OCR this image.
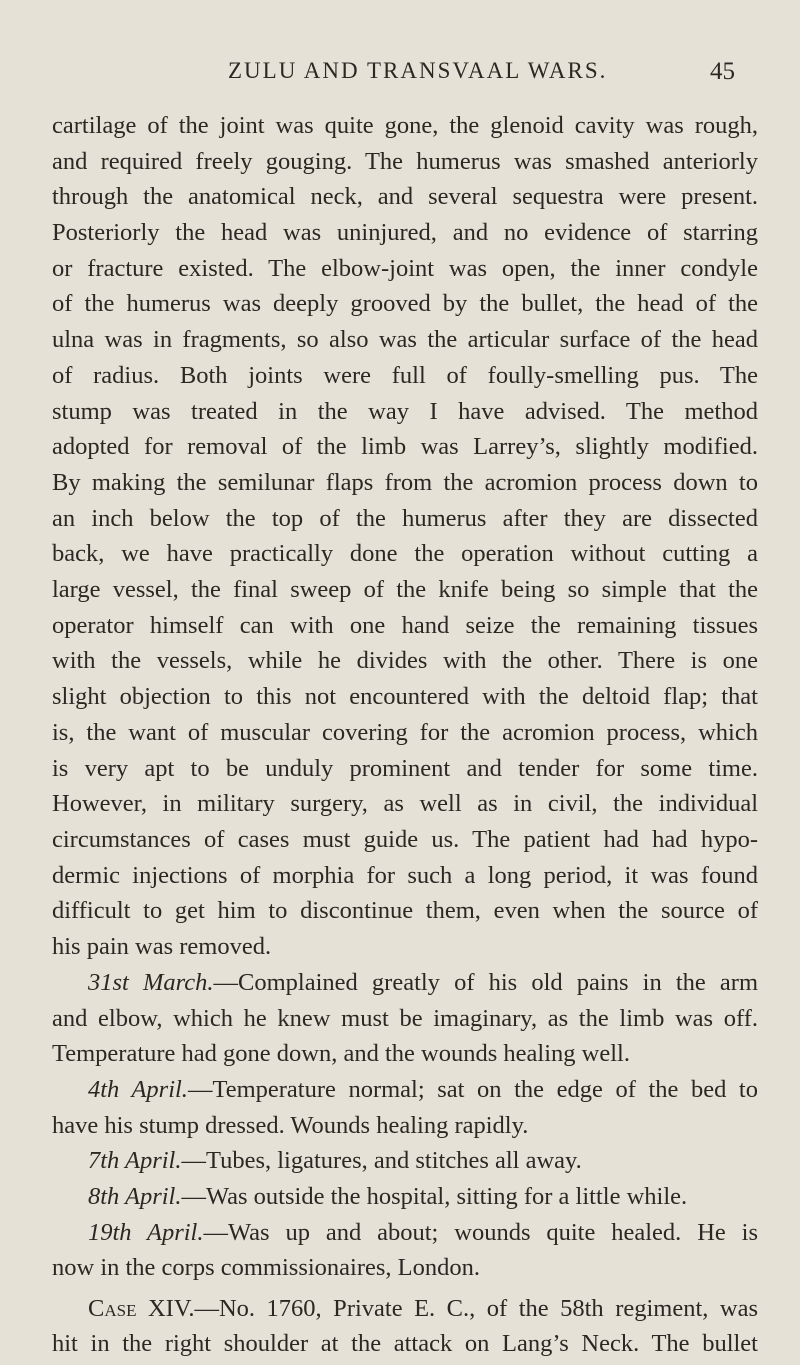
ZULU AND TRANSVAAL WARS.	45
cartilage of the joint was quite gone, the glenoid cavity was rough,
and required freely gouging. The humerus was smashed anteriorly
through the anatomical neck, and several sequestra were present.
Posteriorly the head was uninjured, and no evidence of starring
or fracture existed. The elbow-joint was open, the inner condyle
of the humerus was deeply grooved by the bullet, the head of the
ulna was in fragments, so also was the articular surface of the head
of radius. Both joints were full of foully-smelling pus. The
stump was treated in the way I have advised. The method
adopted for removal of the limb was Larrey’s, slightly modified.
By making the semilunar flaps from the acromion process down to
an inch below the top of the humerus after they are dissected
back, we have practically done the operation without cutting a
large vessel, the final sweep of the knife being so simple that the
operator himself can with one hand seize the remaining tissues
with the vessels, while he divides with the other. There is one
slight objection to this not encountered with the deltoid flap; that
is, the want of muscular covering for the acromion process, which
is very apt to be unduly prominent and tender for some time.
However, in military surgery, as well as in civil, the individual
circumstances of cases must guide us. The patient had had hypo-
dermic injections of morphia for such a long period, it was found
difficult to get him to discontinue them, even when the source of
his pain was removed.
31st March.—Complained greatly of his old pains in the arm
and elbow, which he knew must be imaginary, as the limb was off.
Temperature had gone down, and the wounds healing well.
4th April.—Temperature normal; sat on the edge of the bed to
have his stump dressed. Wounds healing rapidly.
7th April.—Tubes, ligatures, and stitches all away.
8th April.—Was outside the hospital, sitting for a little while.
19th April.—Was up and about; wounds quite healed. He is
now in the corps commissionaires, London.
Case XIV.—No. 1760, Private E. C., of the 58th regiment, was
hit in the right shoulder at the attack on Lang’s Neck. The bullet
